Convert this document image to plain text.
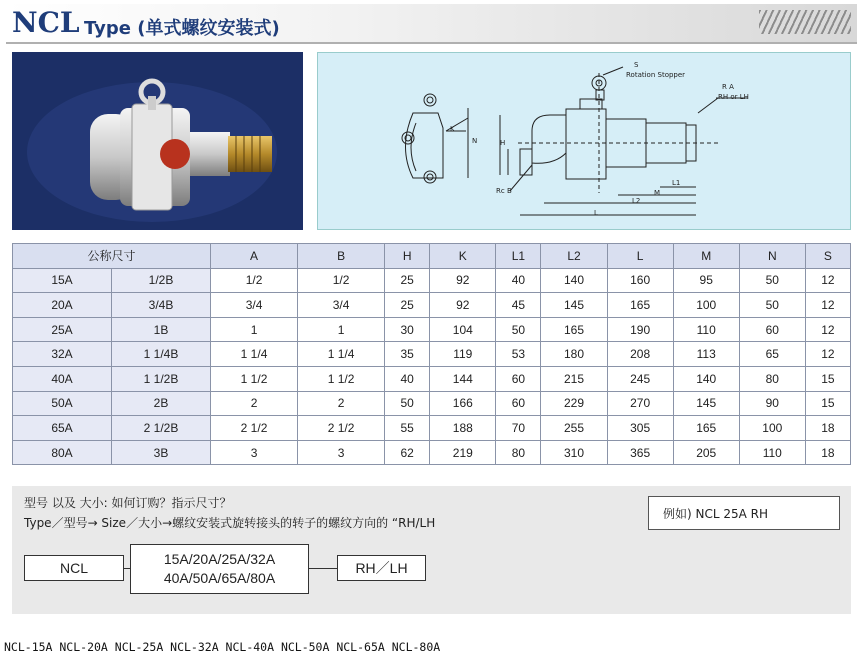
NCL Type (单式螺纹安装式)
S
Rotation Stopper
R A
RH or LH
N	H
K
L1
M
L2
L
Rc B
公称尺寸		A	B	H	K	L1	L2	L	M	N	S
15A	1/2B	1/2	1/2	25	92	40	140	160	95	50	12
20A	3/4B	3/4	3/4	25	92	45	145	165	100	50	12
25A	1B	1	1	30	104	50	165	190	110	60	12
32A	1 1/4B	1 1/4	1 1/4	35	119	53	180	208	113	65	12
40A	1 1/2B	1 1/2	1 1/2	40	144	60	215	245	140	80	15
50A	2B	2	2	50	166	60	229	270	145	90	15
65A	2 1/2B	2 1/2	2 1/2	55	188	70	255	305	165	100	18
80A	3B	3	3	62	219	80	310	365	205	110	18
型号 以及 大小: 如何订购？指示尺寸？
Type／型号→ Size／大小→螺纹安装式旋转接头的转子的螺纹方向的 “RH/LH
例如) NCL 25A RH
NCL
15A/20A/25A/32A
40A/50A/65A/80A
RH／LH
NCL-15A NCL-20A NCL-25A NCL-32A NCL-40A NCL-50A NCL-65A NCL-80A
